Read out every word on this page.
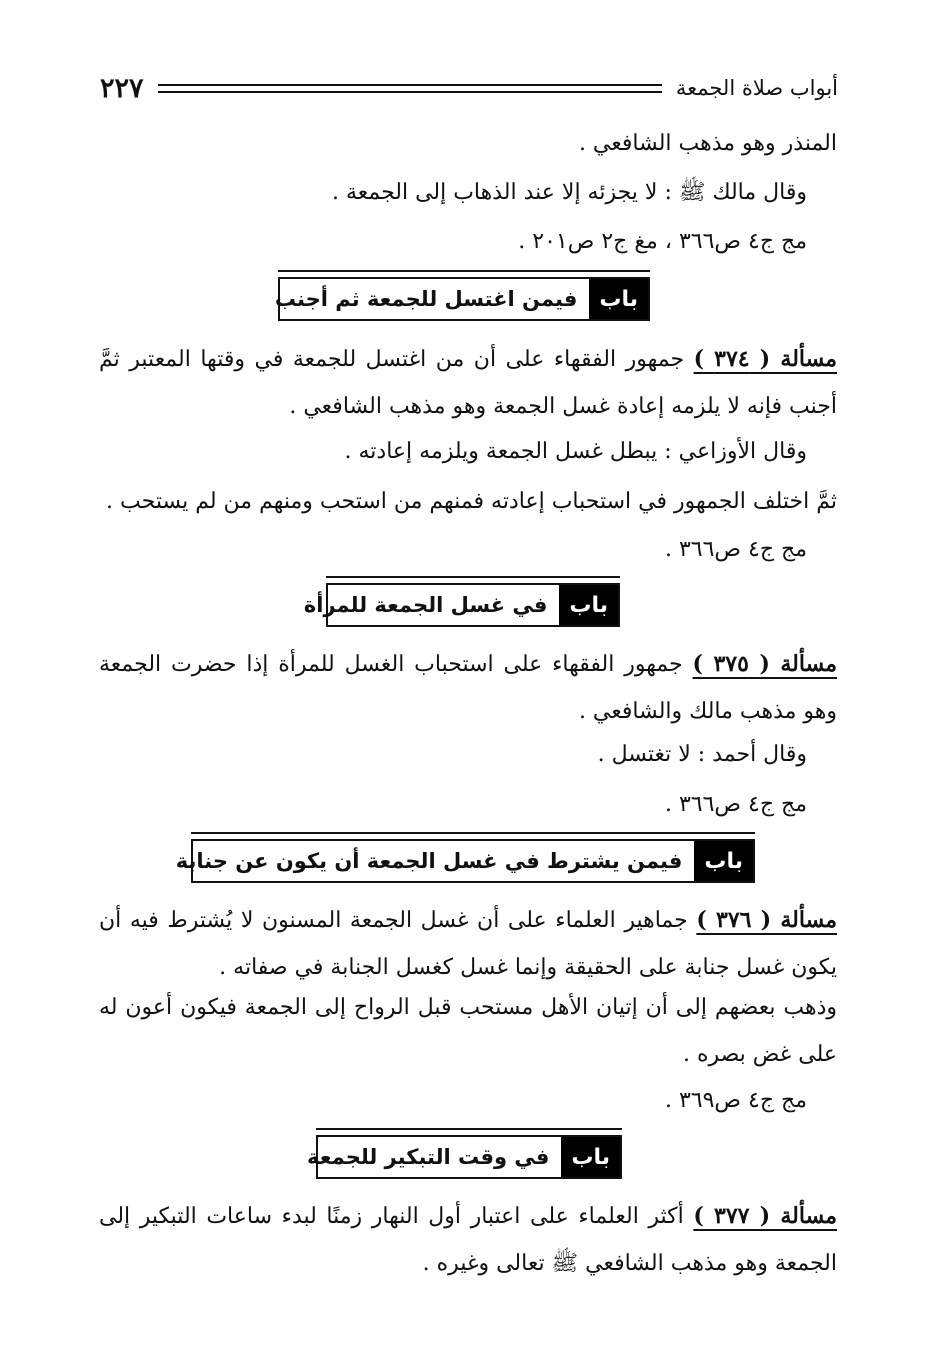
٢٢٧	أبواب صلاة الجمعة
المنذر وهو مذهب الشافعي .
وقال مالك ﷺ : لا يجزئه إلا عند الذهاب إلى الجمعة .
مج ج٤ ص٣٦٦ ، مغ ج٢ ص٢٠١ .
باب
فيمن اغتسل للجمعة ثم أجنب
مسألة ( ٣٧٤ ) جمهور الفقهاء على أن من اغتسل للجمعة في وقتها المعتبر ثمَّ أجنب فإنه لا يلزمه إعادة غسل الجمعة وهو مذهب الشافعي .
وقال الأوزاعي : يبطل غسل الجمعة ويلزمه إعادته .
ثمَّ اختلف الجمهور في استحباب إعادته فمنهم من استحب ومنهم من لم يستحب .
مج ج٤ ص٣٦٦ .
باب
في غسل الجمعة للمرأة
مسألة ( ٣٧٥ ) جمهور الفقهاء على استحباب الغسل للمرأة إذا حضرت الجمعة وهو مذهب مالك والشافعي .
وقال أحمد : لا تغتسل .
مج ج٤ ص٣٦٦ .
باب
فيمن يشترط في غسل الجمعة أن يكون عن جنابة
مسألة ( ٣٧٦ ) جماهير العلماء على أن غسل الجمعة المسنون لا يُشترط فيه أن يكون غسل جنابة على الحقيقة وإنما غسل كغسل الجنابة في صفاته .
وذهب بعضهم إلى أن إتيان الأهل مستحب قبل الرواح إلى الجمعة فيكون أعون له على غض بصره .
مج ج٤ ص٣٦٩ .
باب
في وقت التبكير للجمعة
مسألة ( ٣٧٧ ) أكثر العلماء على اعتبار أول النهار زمنًا لبدء ساعات التبكير إلى الجمعة وهو مذهب الشافعي ﷺ تعالى وغيره .
